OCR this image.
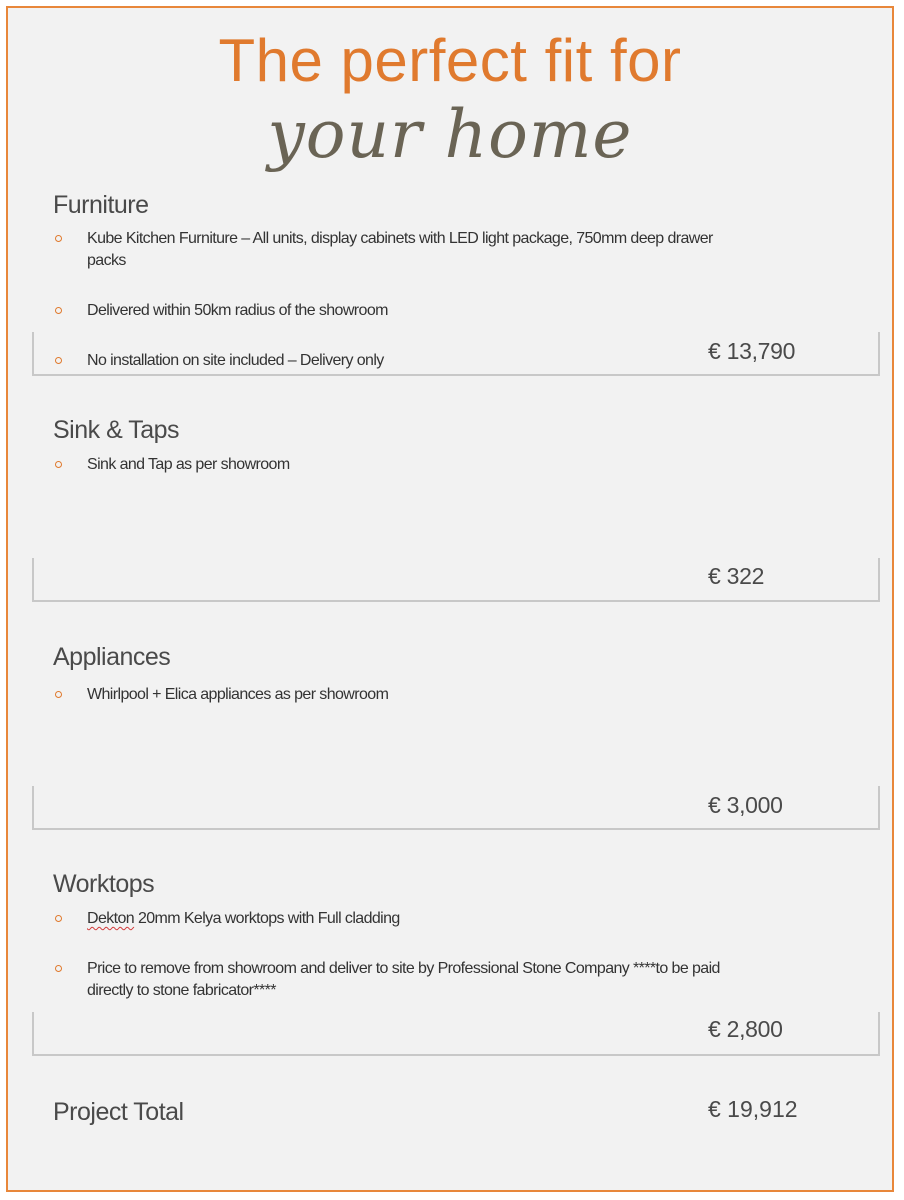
The perfect fit for
your home
Furniture
Kube Kitchen Furniture – All units, display cabinets with LED light package, 750mm deep drawer packs
Delivered within 50km radius of the showroom
No installation on site included – Delivery only	€ 13,790
Sink & Taps
Sink and Tap as per showroom
€ 322
Appliances
Whirlpool + Elica appliances as per showroom
€ 3,000
Worktops
Dekton 20mm Kelya worktops with Full cladding
Price to remove from showroom and deliver to site by Professional Stone Company ****to be paid directly to stone fabricator****
€ 2,800
Project Total	€ 19,912
